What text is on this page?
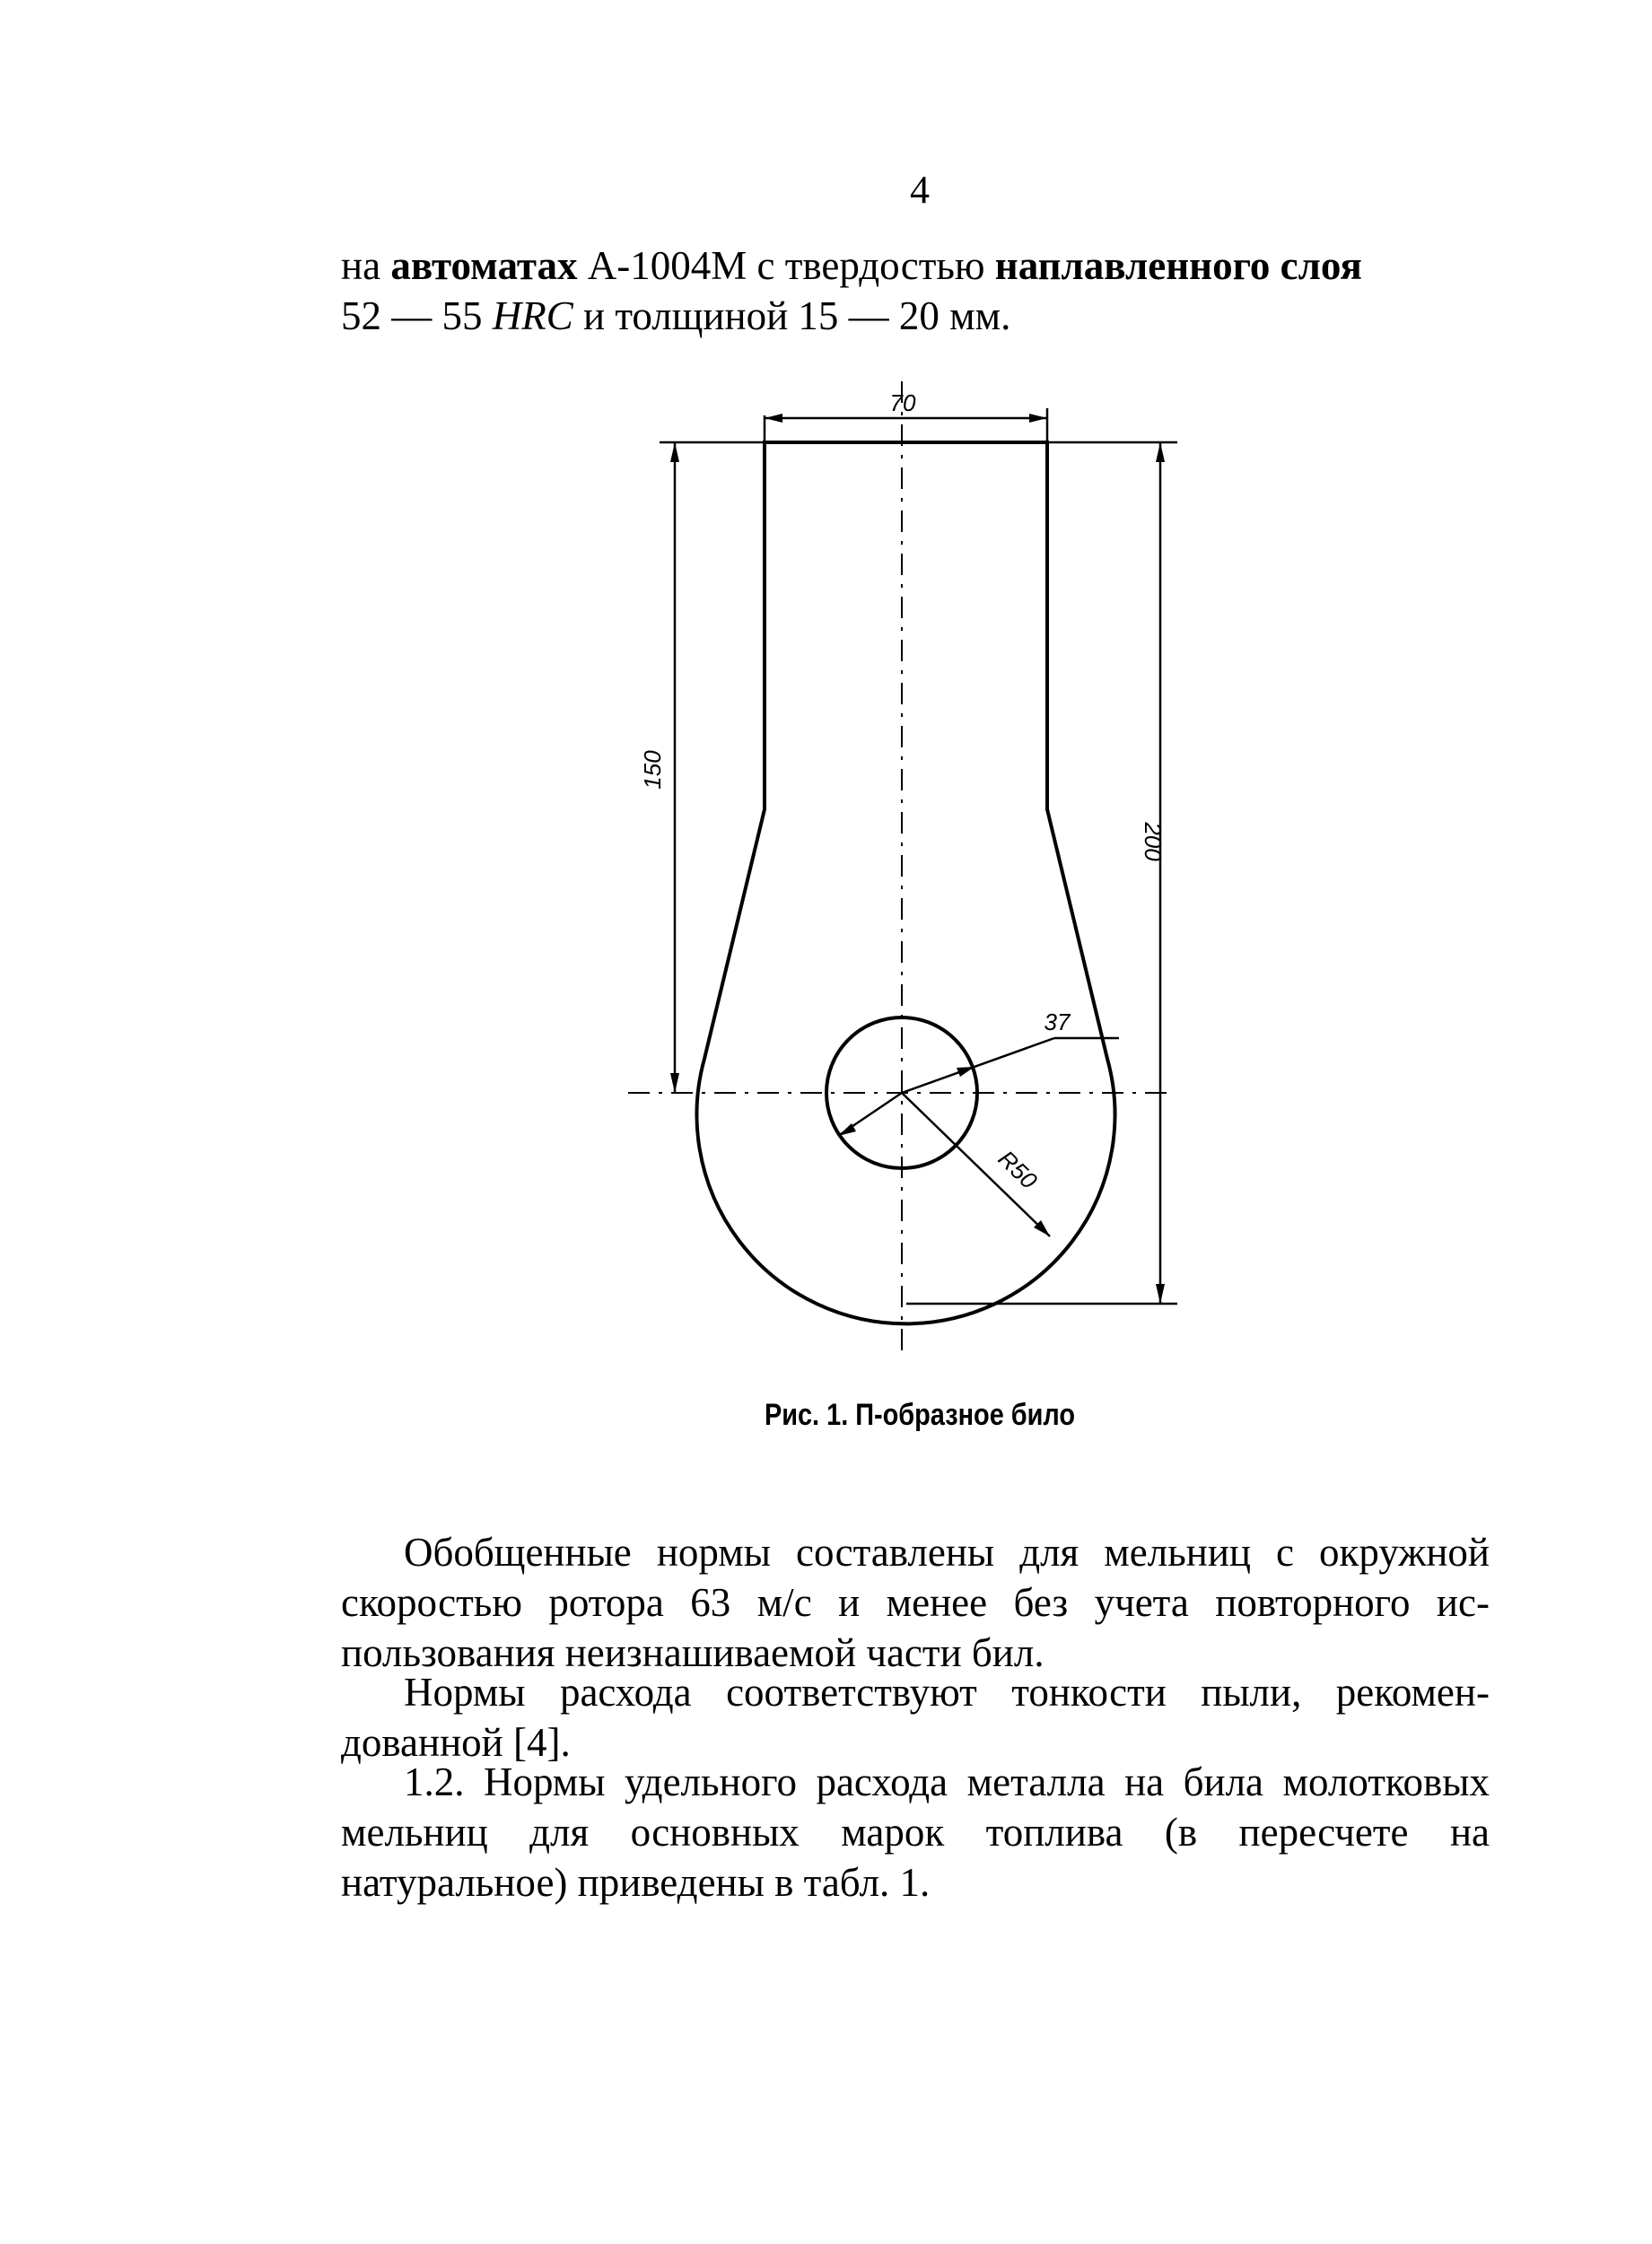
4
на автоматах А-1004М с твердостью наплавленного слоя
52 — 55 HRC и толщиной 15 — 20 мм.
70
150
200
37
R50
Рис. 1. П-образное било
Обобщенные нормы составлены для мельниц с окружной скоростью ротора 63 м/с и менее без учета повторного использования неизнашиваемой части бил.
Нормы расхода соответствуют тонкости пыли, рекомендованной [4].
1.2. Нормы удельного расхода металла на била молотковых мельниц для основных марок топлива (в пересчете на натуральное) приведены в табл. 1.
